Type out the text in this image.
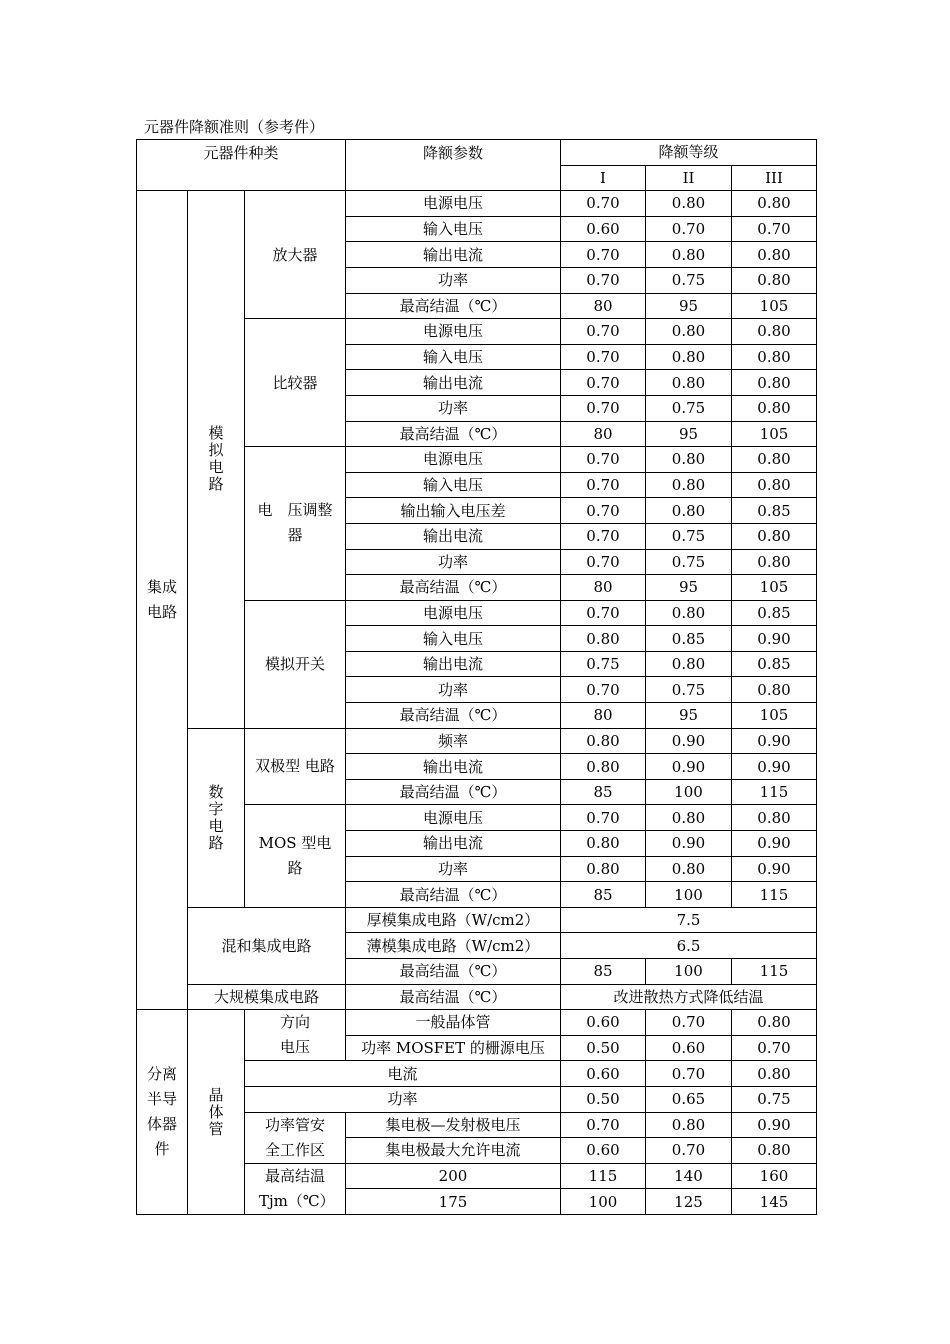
元器件降额准则（参考件）
元器件种类			降额参数	降额等级		
				I	II	III
集成电路	模拟电路	放大器	电源电压	0.70	0.80	0.80
			输入电压	0.60	0.70	0.70
			输出电流	0.70	0.80	0.80
			功率	0.70	0.75	0.80
			最高结温（℃）	80	95	105
		比较器	电源电压	0.70	0.80	0.80
			输入电压	0.70	0.80	0.80
			输出电流	0.70	0.80	0.80
			功率	0.70	0.75	0.80
			最高结温（℃）	80	95	105
		电　压调整器	电源电压	0.70	0.80	0.80
			输入电压	0.70	0.80	0.80
			输出输入电压差	0.70	0.80	0.85
			输出电流	0.70	0.75	0.80
			功率	0.70	0.75	0.80
			最高结温（℃）	80	95	105
		模拟开关	电源电压	0.70	0.80	0.85
			输入电压	0.80	0.85	0.90
			输出电流	0.75	0.80	0.85
			功率	0.70	0.75	0.80
			最高结温（℃）	80	95	105
	数字电路	双极型 电路	频率	0.80	0.90	0.90
			输出电流	0.80	0.90	0.90
			最高结温（℃）	85	100	115
		MOS 型电路	电源电压	0.70	0.80	0.80
			输出电流	0.80	0.90	0.90
			功率	0.80	0.80	0.90
			最高结温（℃）	85	100	115
	混和集成电路		厚模集成电路（W/cm2）	7.5		
			薄模集成电路（W/cm2）	6.5		
			最高结温（℃）	85	100	115
	大规模集成电路		最高结温（℃）	改进散热方式降低结温		
分离半导体器件	晶体管	方向电压	一般晶体管	0.60	0.70	0.80
			功率 MOSFET 的栅源电压	0.50	0.60	0.70
		电流		0.60	0.70	0.80
		功率		0.50	0.65	0.75
		功率管安全工作区	集电极—发射极电压	0.70	0.80	0.90
			集电极最大允许电流	0.60	0.70	0.80
		最高结温Tjm（℃）	200	115	140	160
			175	100	125	145
